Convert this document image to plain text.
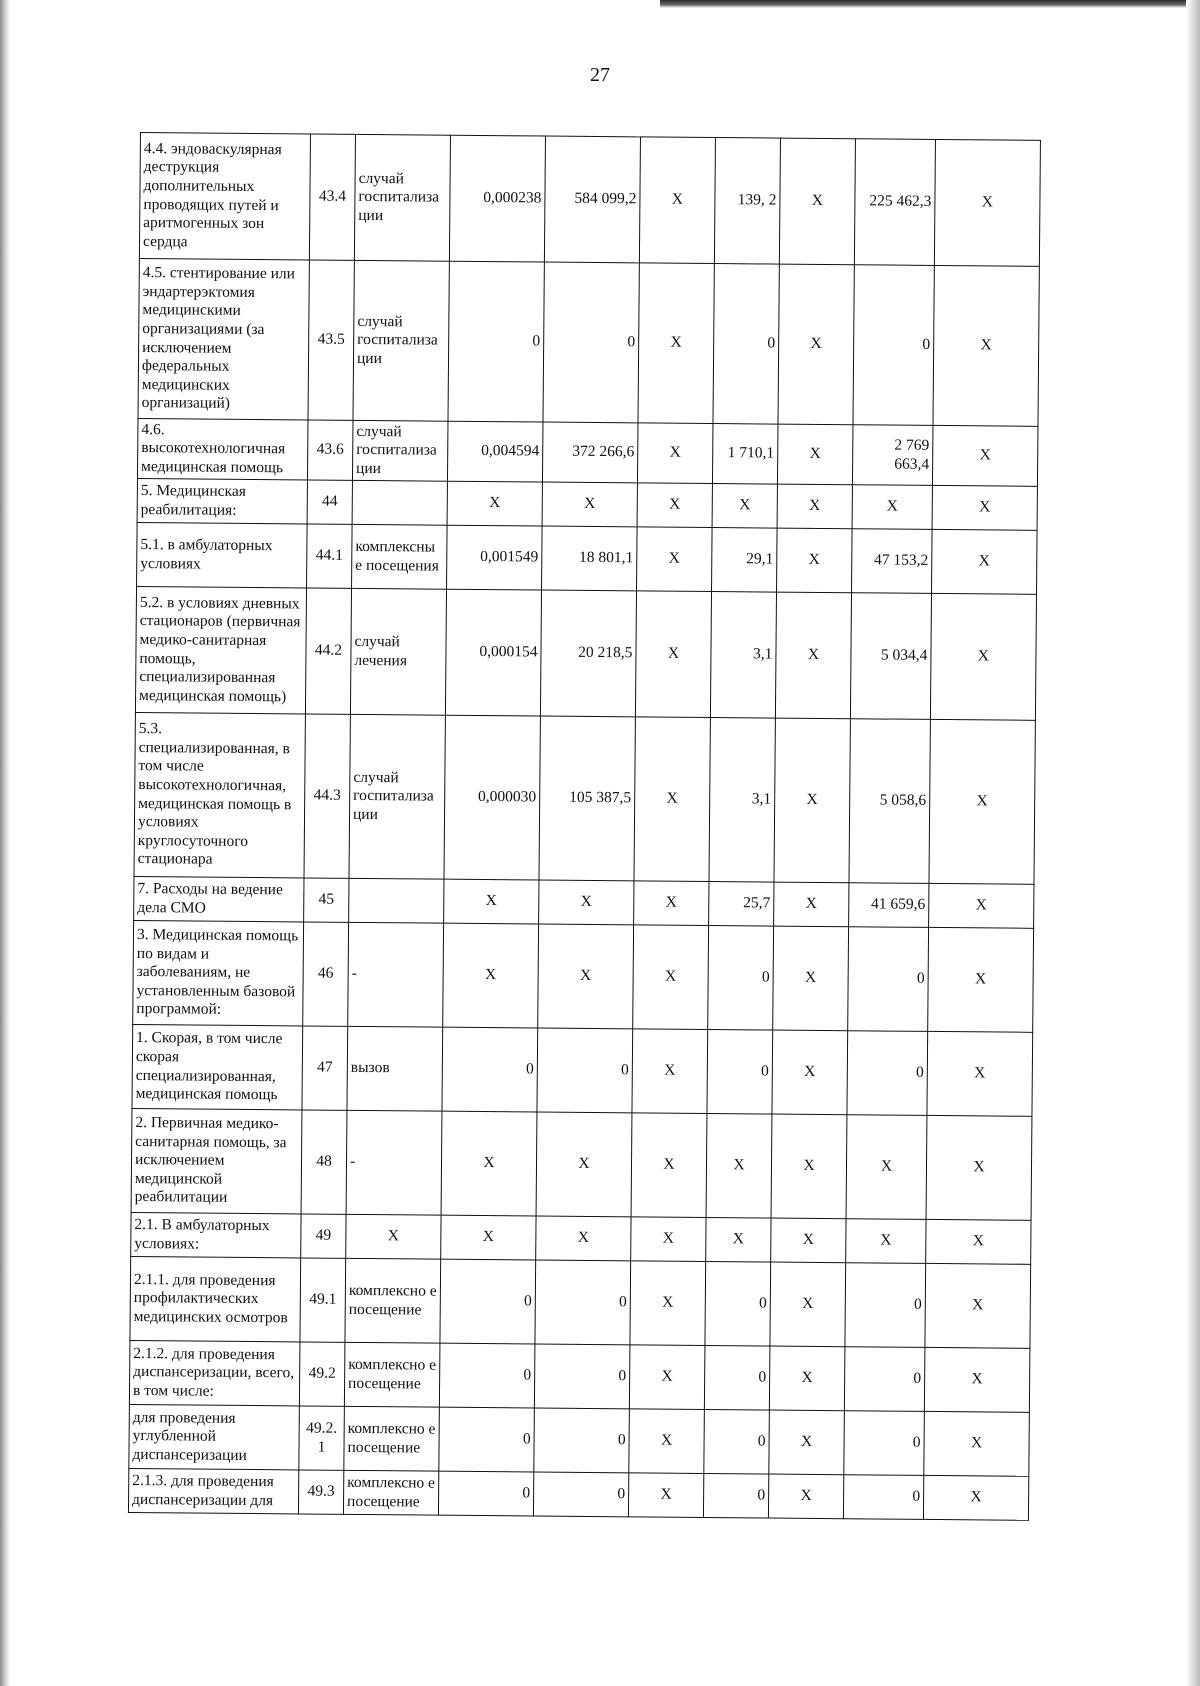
27
4.4. эндоваскулярная деструкция дополнительных проводящих путей и аритмогенных зон сердца	43.4	случай госпитализа ции	0,000238	584 099,2	X	139, 2	X	225 462,3	X
4.5. стентирование или эндартерэктомия медицинскими организациями (за исключением федеральных медицинских организаций)	43.5	случай госпитализа ции	0	0	X	0	X	0	X
4.6. высокотехнологичная медицинская помощь	43.6	случай госпитализа ции	0,004594	372 266,6	X	1 710,1	X	2 769 663,4	X
5. Медицинская реабилитация:	44		X	X	X	X	X	X	X
5.1. в амбулаторных условиях	44.1	комплексны е посещения	0,001549	18 801,1	X	29,1	X	47 153,2	X
5.2. в условиях дневных стационаров (первичная медико-санитарная помощь, специализированная медицинская помощь)	44.2	случай лечения	0,000154	20 218,5	X	3,1	X	5 034,4	X
5.3. специализированная, в том числе высокотехнологичная, медицинская помощь в условиях круглосуточного стационара	44.3	случай госпитализа ции	0,000030	105 387,5	X	3,1	X	5 058,6	X
7. Расходы на ведение дела СМО	45		X	X	X	25,7	X	41 659,6	X
3. Медицинская помощь по видам и заболеваниям, не установленным базовой программой:	46	-	X	X	X	0	X	0	X
1. Скорая, в том числе скорая специализированная, медицинская помощь	47	вызов	0	0	X	0	X	0	X
2. Первичная медико-санитарная помощь, за исключением медицинской реабилитации	48	-	X	X	X	X	X	X	X
2.1. В амбулаторных условиях:	49	X	X	X	X	X	X	X	X
2.1.1. для проведения профилактических медицинских осмотров	49.1	комплексно е посещение	0	0	X	0	X	0	X
2.1.2. для проведения диспансеризации, всего, в том числе:	49.2	комплексно е посещение	0	0	X	0	X	0	X
для проведения углубленной диспансеризации	49.2. 1	комплексно е посещение	0	0	X	0	X	0	X
2.1.3. для проведения диспансеризации для	49.3	комплексно е посещение	0	0	X	0	X	0	X
